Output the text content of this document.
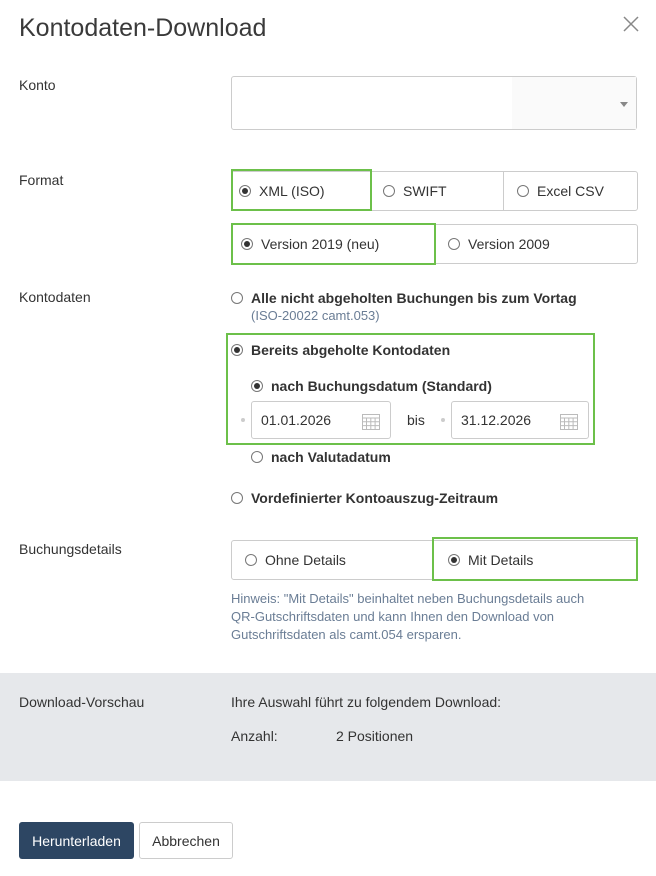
Kontodaten-Download
Konto
Format
XML (ISO)	SWIFT	Excel CSV
Version 2019 (neu)	Version 2009
Kontodaten	Alle nicht abgeholten Buchungen bis zum Vortag
(ISO-20022 camt.053)
Bereits abgeholte Kontodaten
nach Buchungsdatum (Standard)
01.01.2026	bis	31.12.2026
nach Valutadatum
Vordefinierter Kontoauszug-Zeitraum
Buchungsdetails
Ohne Details	Mit Details
Hinweis: "Mit Details" beinhaltet neben Buchungsdetails auch
QR-Gutschriftsdaten und kann Ihnen den Download von
Gutschriftsdaten als camt.054 ersparen.
Download-Vorschau	Ihre Auswahl führt zu folgendem Download:
Anzahl:	2 Positionen
Herunterladen	Abbrechen
